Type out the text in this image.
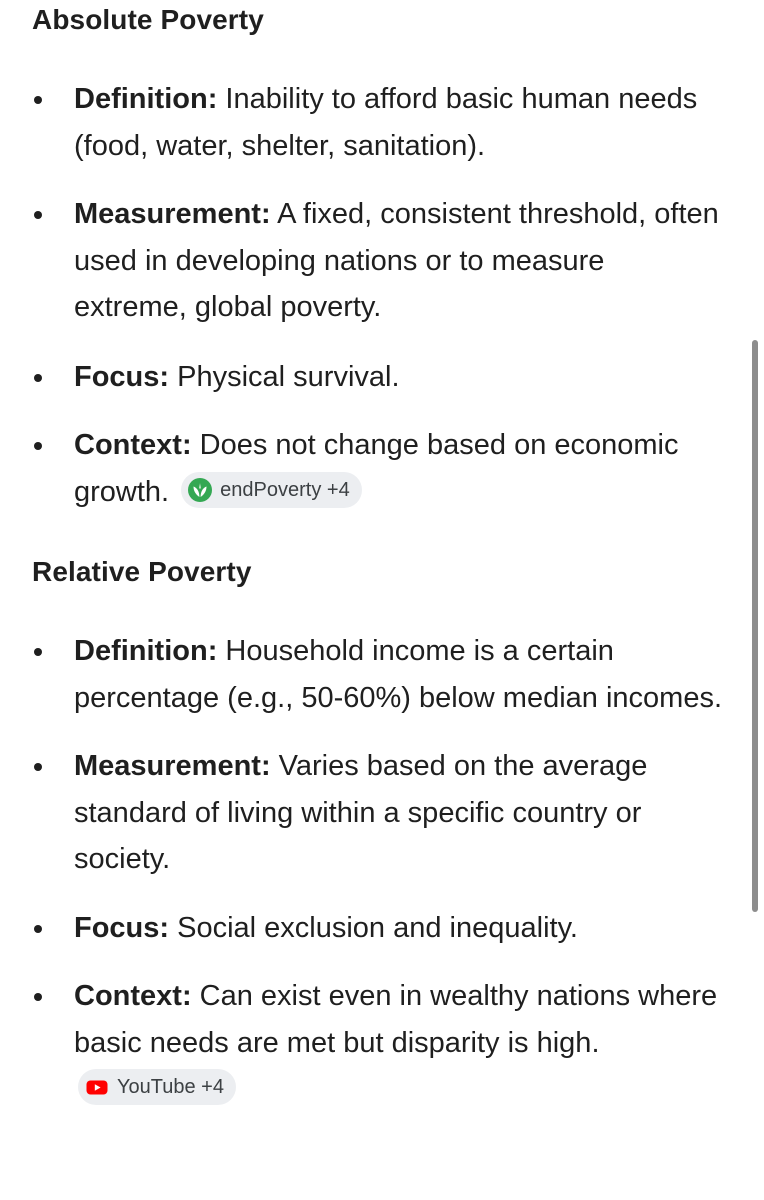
Absolute Poverty
Definition: Inability to afford basic human needs (food, water, shelter, sanitation).
Measurement: A fixed, consistent threshold, often used in developing nations or to measure extreme, global poverty.
Focus: Physical survival.
Context: Does not change based on economic growth.	endPoverty +4
Relative Poverty
Definition: Household income is a certain percentage (e.g., 50-60%) below median incomes.
Measurement: Varies based on the average standard of living within a specific country or society.
Focus: Social exclusion and inequality.
Context: Can exist even in wealthy nations where basic needs are met but disparity is high.
YouTube +4
